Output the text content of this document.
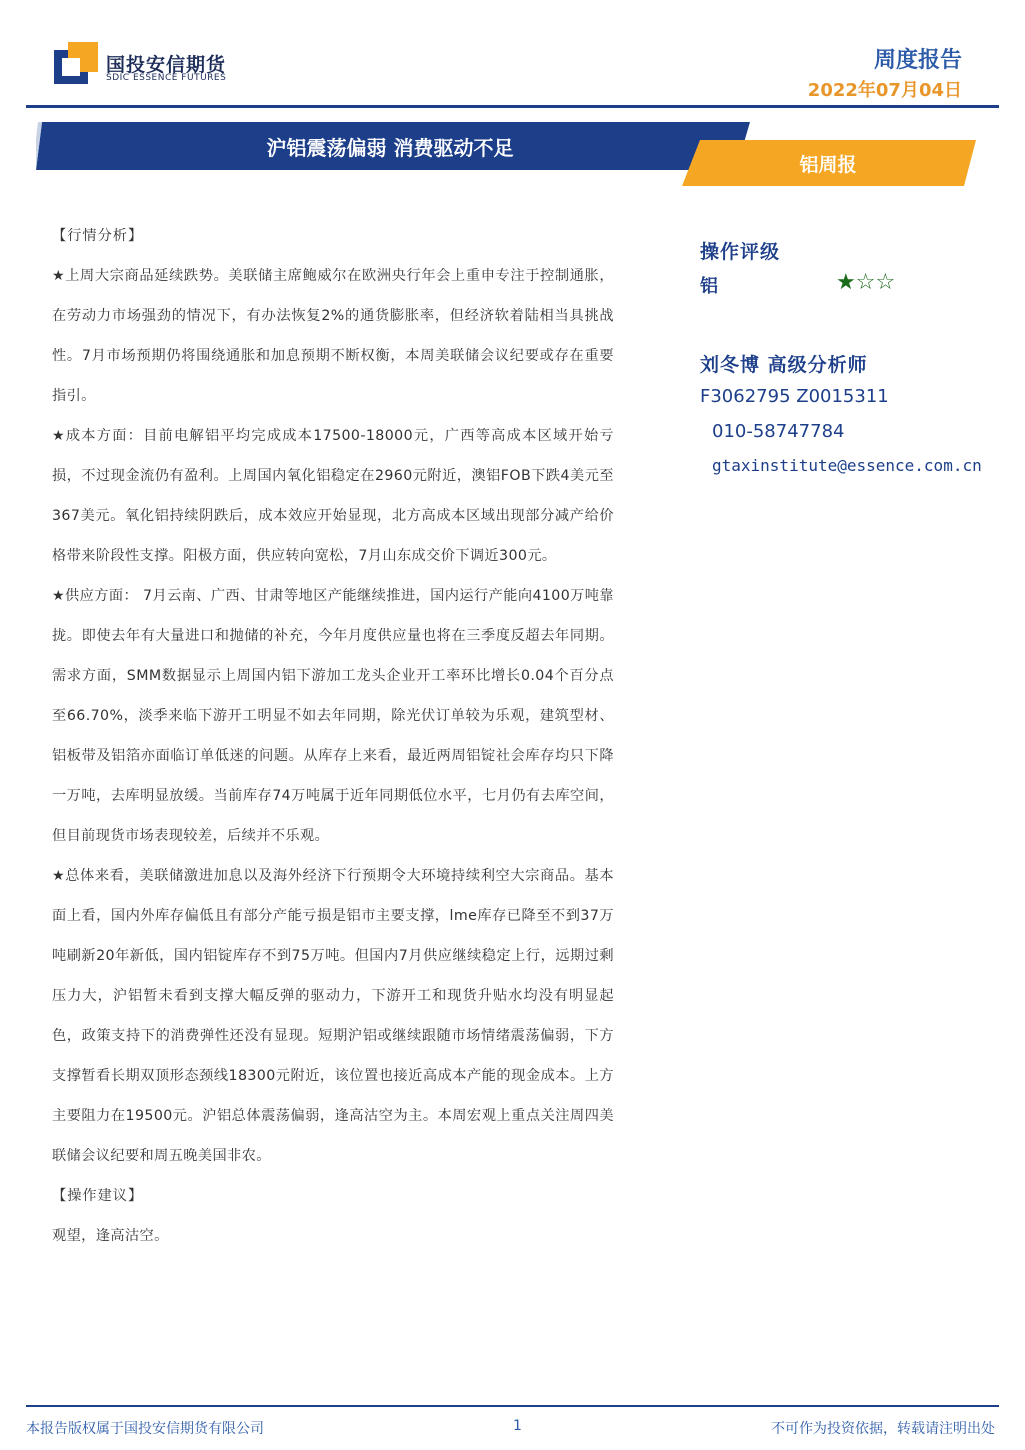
国投安信期货
SDIC ESSENCE FUTURES
周度报告
2022年07月04日
沪铝震荡偏弱 消费驱动不足
铝周报

【行情分析】

★上周大宗商品延续跌势。美联储主席鲍威尔在欧洲央行年会上重申专注于控制通胀，在劳动力市场强劲的情况下，有办法恢复2%的通货膨胀率，但经济软着陆相当具挑战性。7月市场预期仍将围绕通胀和加息预期不断权衡，本周美联储会议纪要或存在重要指引。

★成本方面：目前电解铝平均完成成本17500-18000元，广西等高成本区域开始亏损，不过现金流仍有盈利。上周国内氧化铝稳定在2960元附近，澳铝FOB下跌4美元至367美元。氧化铝持续阴跌后，成本效应开始显现，北方高成本区域出现部分减产给价格带来阶段性支撑。阳极方面，供应转向宽松，7月山东成交价下调近300元。

★供应方面： 7月云南、广西、甘肃等地区产能继续推进，国内运行产能向4100万吨靠拢。即使去年有大量进口和抛储的补充，今年月度供应量也将在三季度反超去年同期。需求方面，SMM数据显示上周国内铝下游加工龙头企业开工率环比增长0.04个百分点至66.70%，淡季来临下游开工明显不如去年同期，除光伏订单较为乐观，建筑型材、铝板带及铝箔亦面临订单低迷的问题。从库存上来看，最近两周铝锭社会库存均只下降一万吨，去库明显放缓。当前库存74万吨属于近年同期低位水平，七月仍有去库空间，但目前现货市场表现较差，后续并不乐观。

★总体来看，美联储激进加息以及海外经济下行预期令大环境持续利空大宗商品。基本面上看，国内外库存偏低且有部分产能亏损是铝市主要支撑，lme库存已降至不到37万吨刷新20年新低，国内铝锭库存不到75万吨。但国内7月供应继续稳定上行，远期过剩压力大，沪铝暂未看到支撑大幅反弹的驱动力，下游开工和现货升贴水均没有明显起色，政策支持下的消费弹性还没有显现。短期沪铝或继续跟随市场情绪震荡偏弱，下方支撑暂看长期双顶形态颈线18300元附近，该位置也接近高成本产能的现金成本。上方主要阻力在19500元。沪铝总体震荡偏弱，逢高沽空为主。本周宏观上重点关注周四美联储会议纪要和周五晚美国非农。

【操作建议】

观望，逢高沽空。

操作评级
铝	★☆☆
刘冬博 高级分析师
F3062795 Z0015311
010-58747784
gtaxinstitute@essence.com.cn
本报告版权属于国投安信期货有限公司	1	不可作为投资依据，转载请注明出处
